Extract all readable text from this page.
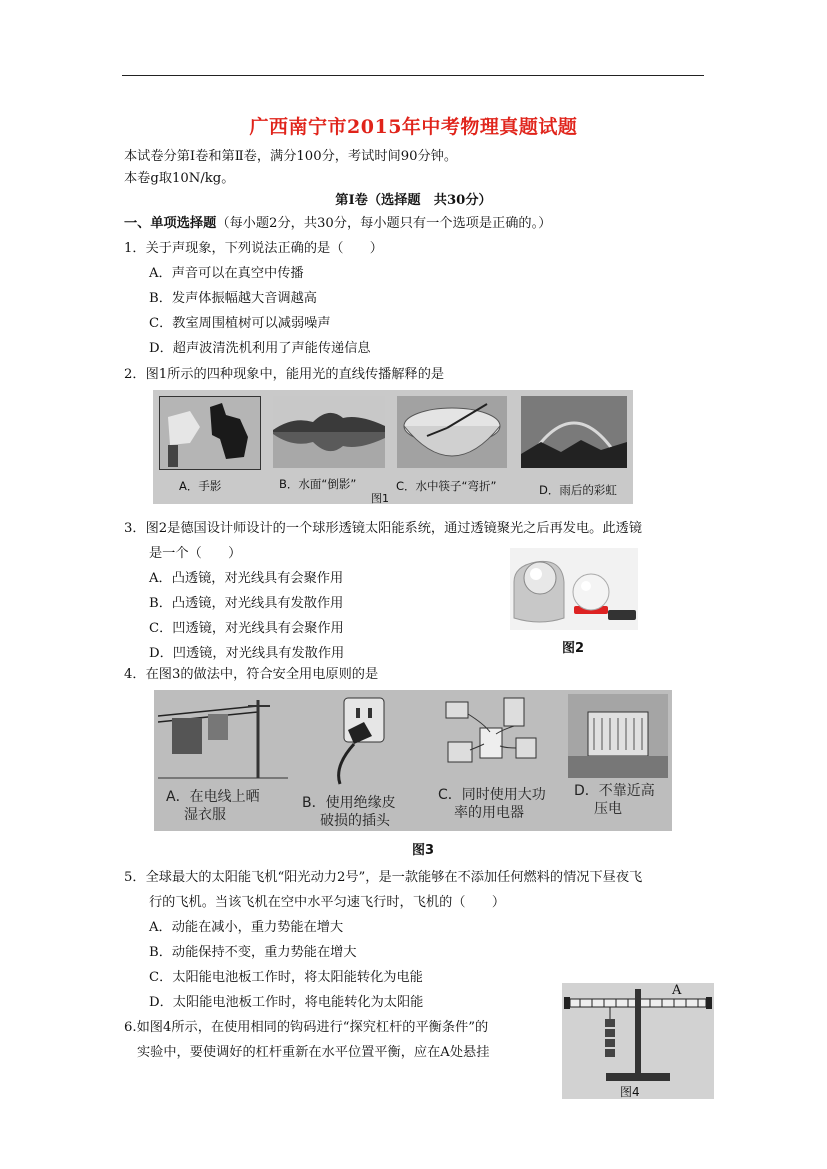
广西南宁市2015年中考物理真题试题
本试卷分第Ⅰ卷和第Ⅱ卷，满分100分，考试时间90分钟。
本卷g取10N/kg。
第Ⅰ卷（选择题　共30分）
一、单项选择题（每小题2分，共30分，每小题只有一个选项是正确的。）
1．关于声现象，下列说法正确的是（　　）
A．声音可以在真空中传播
B．发声体振幅越大音调越高
C．教室周围植树可以减弱噪声
D．超声波清洗机利用了声能传递信息
2．图1所示的四种现象中，能用光的直线传播解释的是
A．手影	B．水面“倒影”	C．水中筷子“弯折”	D．雨后的彩虹
图1
3．图2是德国设计师设计的一个球形透镜太阳能系统，通过透镜聚光之后再发电。此透镜
是一个（　　）
A．凸透镜，对光线具有会聚作用
B．凸透镜，对光线具有发散作用
C．凹透镜，对光线具有会聚作用
D．凹透镜，对光线具有发散作用	图2
4．在图3的做法中，符合安全用电原则的是
A．在电线上晒
湿衣服
B．使用绝缘皮
破损的插头
C．同时使用大功
率的用电器
D．不靠近高
压电
图3
5．全球最大的太阳能飞机“阳光动力2号”，是一款能够在不添加任何燃料的情况下昼夜飞
行的飞机。当该飞机在空中水平匀速飞行时，飞机的（　　）
A．动能在减小，重力势能在增大
B．动能保持不变，重力势能在增大
C．太阳能电池板工作时，将太阳能转化为电能
D．太阳能电池板工作时，将电能转化为太阳能
6.如图4所示，在使用相同的钩码进行“探究杠杆的平衡条件”的
实验中，要使调好的杠杆重新在水平位置平衡，应在A处悬挂
A
图4
